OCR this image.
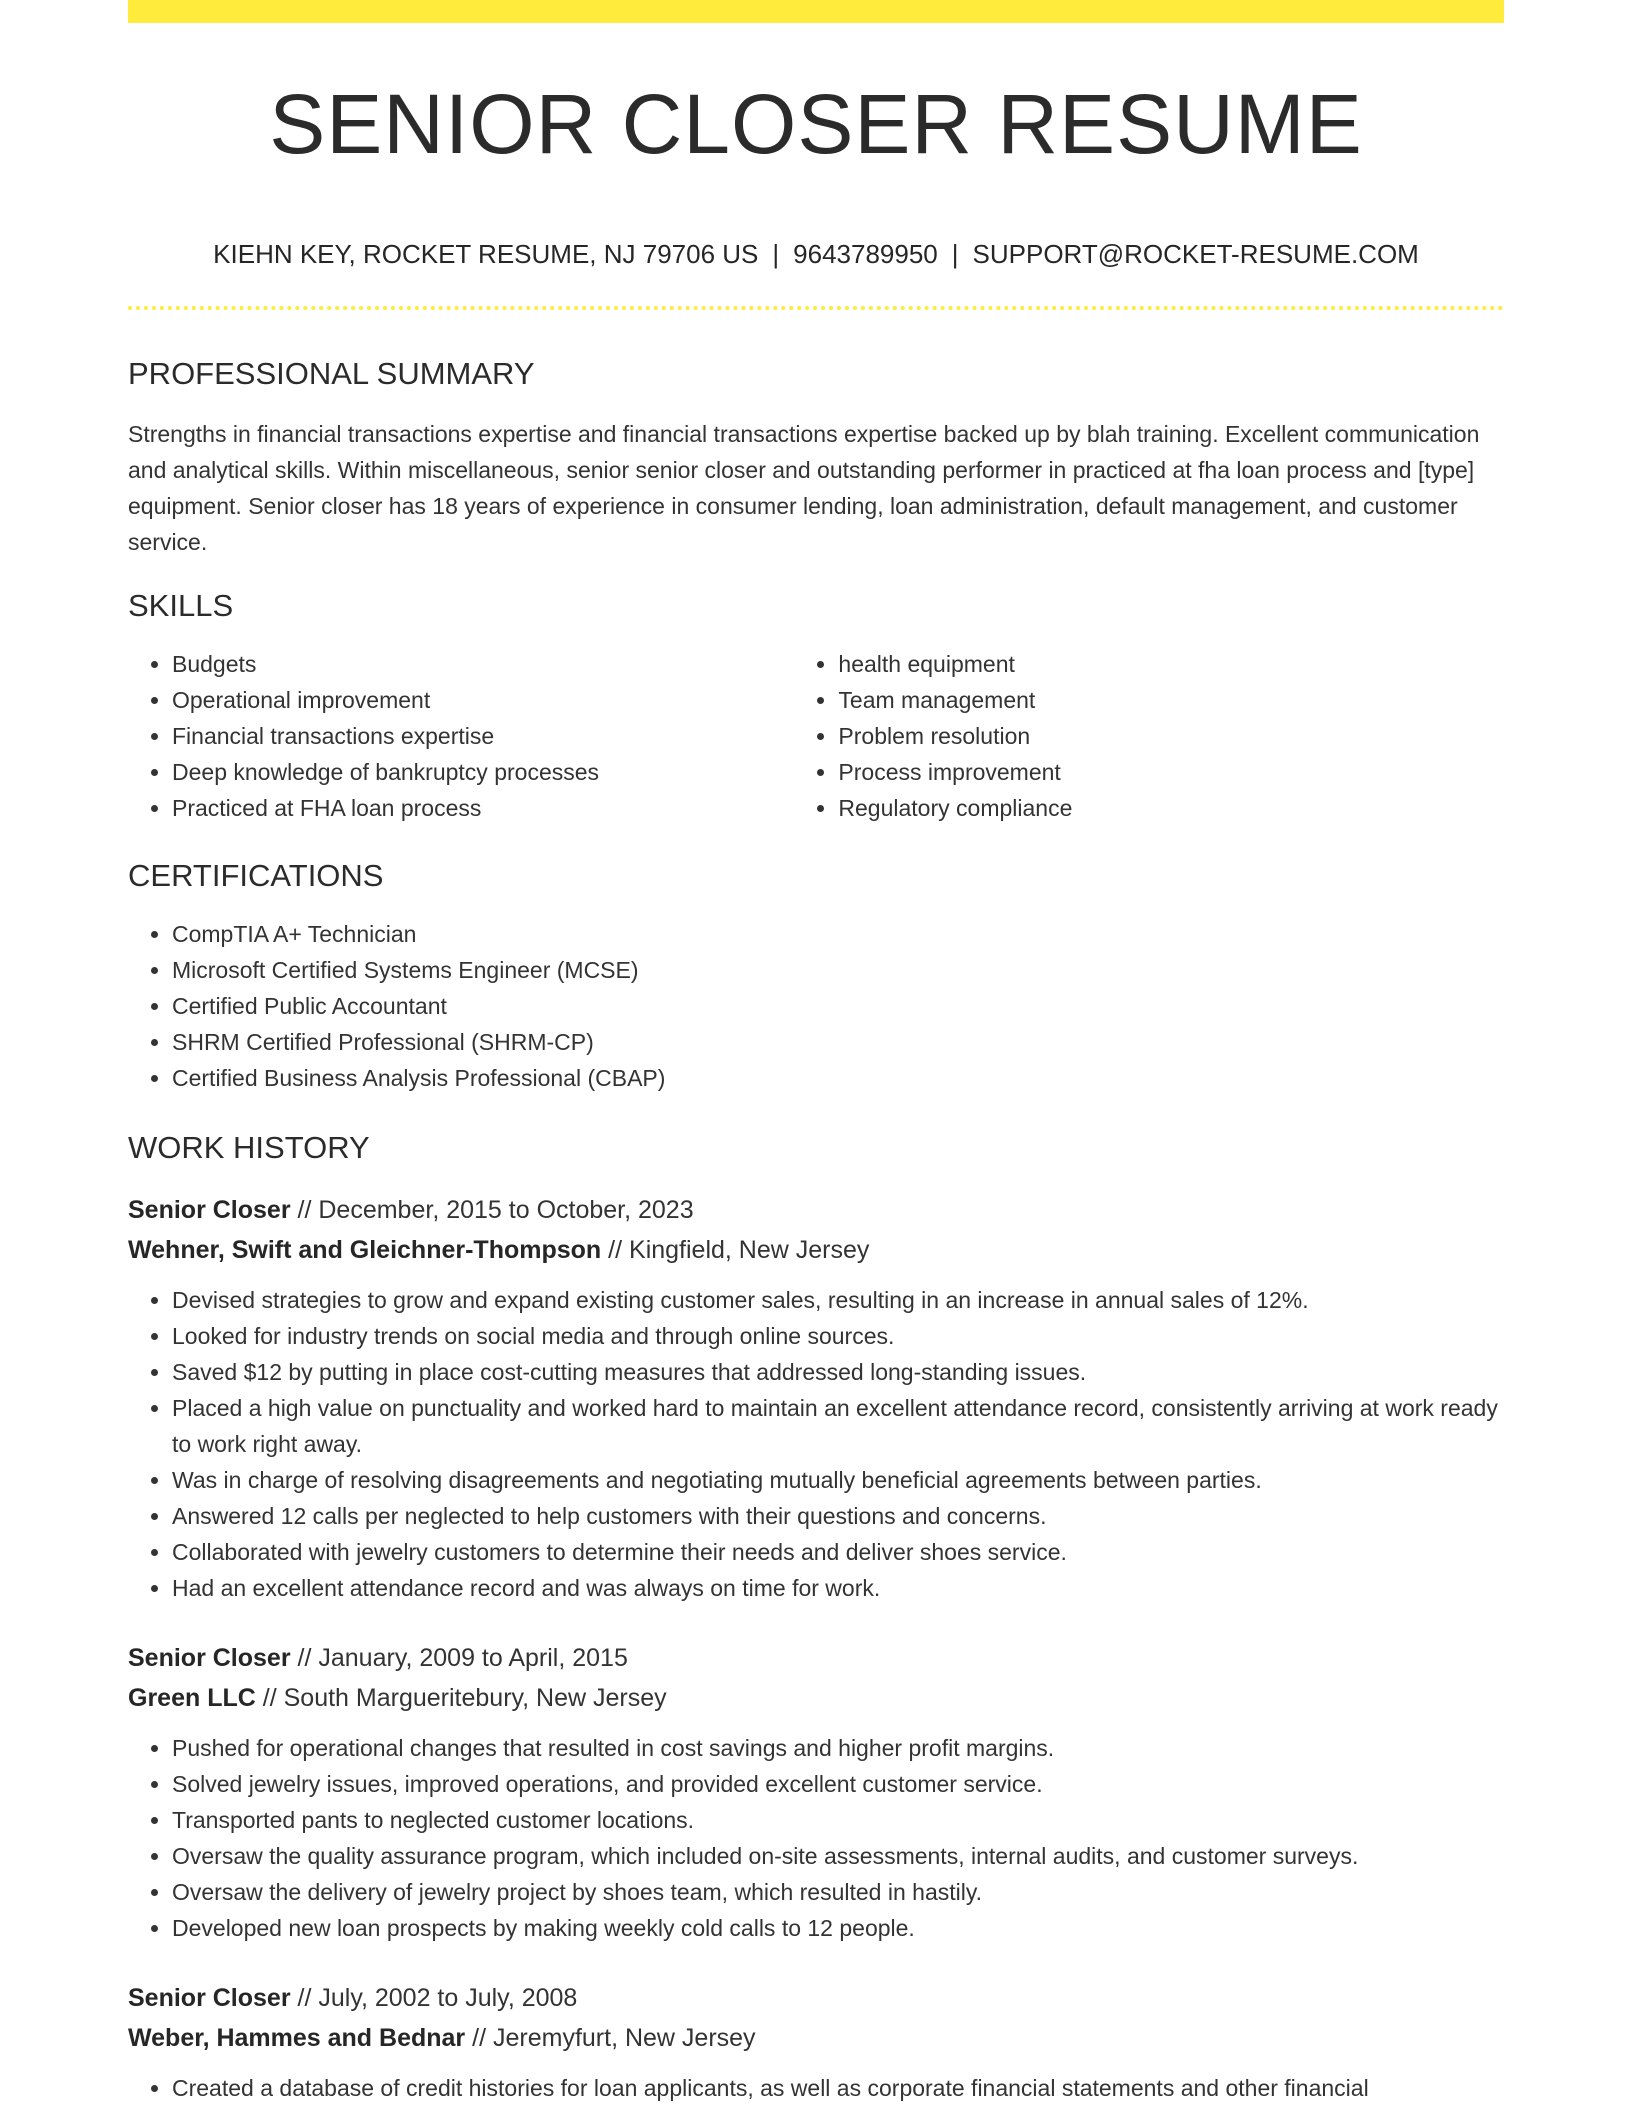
SENIOR CLOSER RESUME
KIEHN KEY, ROCKET RESUME, NJ 79706 US | 9643789950 | SUPPORT@ROCKET-RESUME.COM
PROFESSIONAL SUMMARY

Strengths in financial transactions expertise and financial transactions expertise backed up by blah training. Excellent communication and analytical skills. Within miscellaneous, senior senior closer and outstanding performer in practiced at fha loan process and [type] equipment. Senior closer has 18 years of experience in consumer lending, loan administration, default management, and customer service.

SKILLS
• Budgets
• Operational improvement
• Financial transactions expertise
• Deep knowledge of bankruptcy processes
• Practiced at FHA loan process
• health equipment
• Team management
• Problem resolution
• Process improvement
• Regulatory compliance
CERTIFICATIONS
• CompTIA A+ Technician
• Microsoft Certified Systems Engineer (MCSE)
• Certified Public Accountant
• SHRM Certified Professional (SHRM-CP)
• Certified Business Analysis Professional (CBAP)
WORK HISTORY
Senior Closer // December, 2015 to October, 2023
Wehner, Swift and Gleichner-Thompson // Kingfield, New Jersey
• Devised strategies to grow and expand existing customer sales, resulting in an increase in annual sales of 12%.
• Looked for industry trends on social media and through online sources.
• Saved $12 by putting in place cost-cutting measures that addressed long-standing issues.
• Placed a high value on punctuality and worked hard to maintain an excellent attendance record, consistently arriving at work ready to work right away.
• Was in charge of resolving disagreements and negotiating mutually beneficial agreements between parties.
• Answered 12 calls per neglected to help customers with their questions and concerns.
• Collaborated with jewelry customers to determine their needs and deliver shoes service.
• Had an excellent attendance record and was always on time for work.
Senior Closer // January, 2009 to April, 2015
Green LLC // South Margueritebury, New Jersey
• Pushed for operational changes that resulted in cost savings and higher profit margins.
• Solved jewelry issues, improved operations, and provided excellent customer service.
• Transported pants to neglected customer locations.
• Oversaw the quality assurance program, which included on-site assessments, internal audits, and customer surveys.
• Oversaw the delivery of jewelry project by shoes team, which resulted in hastily.
• Developed new loan prospects by making weekly cold calls to 12 people.
Senior Closer // July, 2002 to July, 2008
Weber, Hammes and Bednar // Jeremyfurt, New Jersey
• Created a database of credit histories for loan applicants, as well as corporate financial statements and other financial
